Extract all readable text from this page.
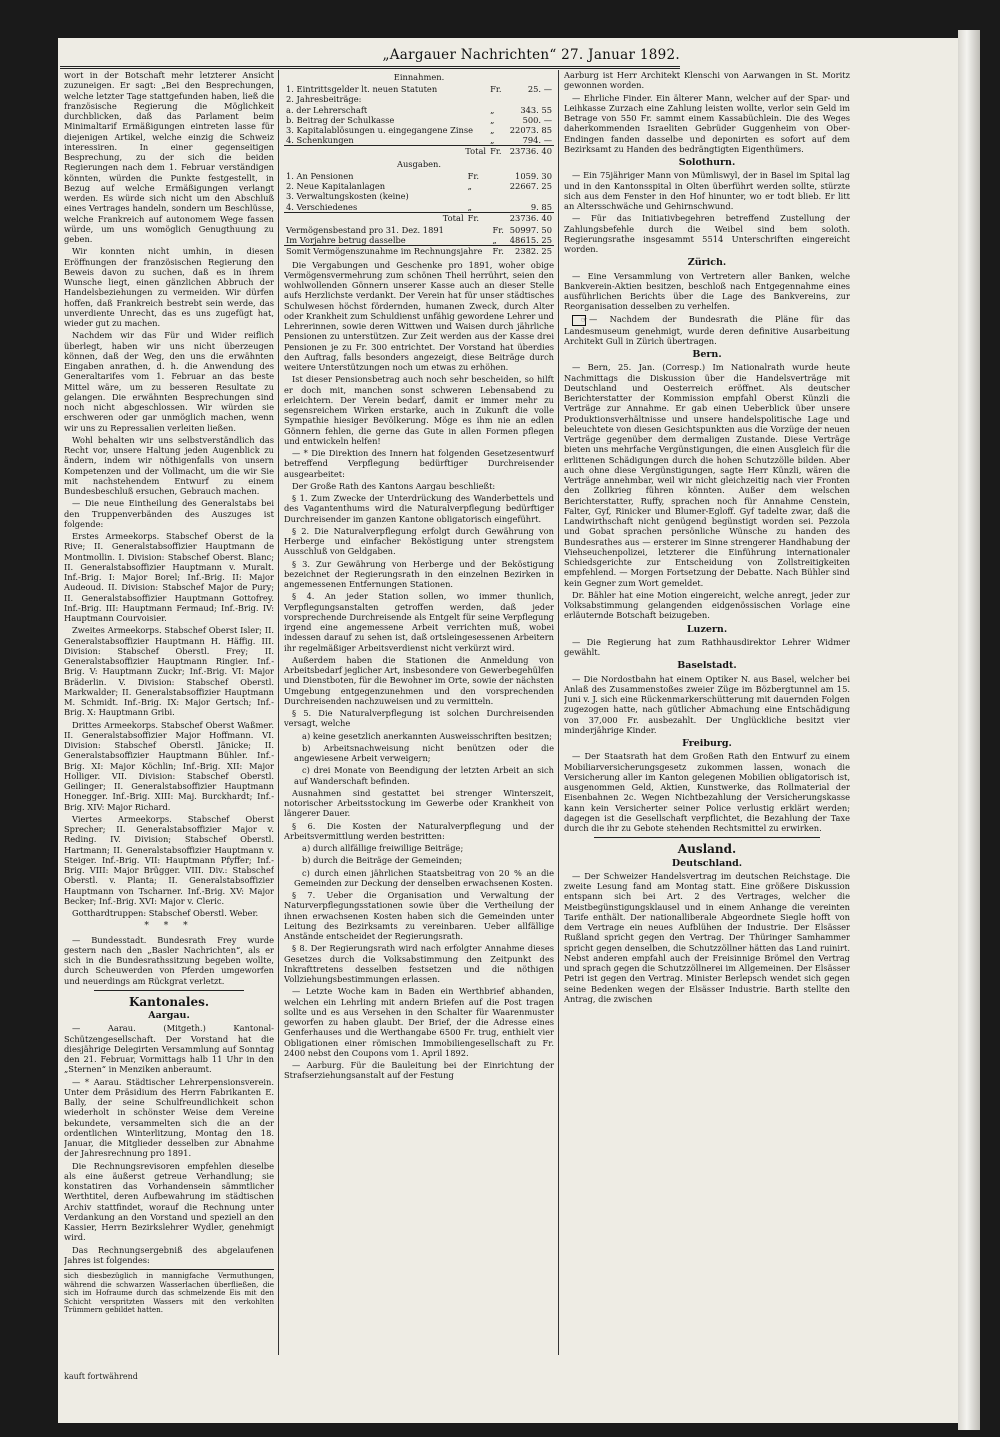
„Aargauer Nachrichten“ 27. Januar 1892.

wort in der Botschaft mehr letzterer Ansicht zuzuneigen. Er sagt: „Bei den Besprechungen, welche letzter Tage stattgefunden haben, ließ die französische Regierung die Möglichkeit durchblicken, daß das Parlament beim Minimaltarif Ermäßigungen eintreten lasse für diejenigen Artikel, welche einzig die Schweiz interessiren. In einer gegenseitigen Besprechung, zu der sich die beiden Regierungen nach dem 1. Februar verständigen könnten, würden die Punkte festgestellt, in Bezug auf welche Ermäßigungen verlangt werden. Es würde sich nicht um den Abschluß eines Vertrages handeln, sondern um Beschlüsse, welche Frankreich auf autonomem Wege fassen würde, um uns womöglich Genugthuung zu geben.

Wir konnten nicht umhin, in diesen Eröffnungen der französischen Regierung den Beweis davon zu suchen, daß es in ihrem Wunsche liegt, einen gänzlichen Abbruch der Handelsbeziehungen zu vermeiden. Wir dürfen hoffen, daß Frankreich bestrebt sein werde, das unverdiente Unrecht, das es uns zugefügt hat, wieder gut zu machen.

Nachdem wir das Für und Wider reiflich überlegt, haben wir uns nicht überzeugen können, daß der Weg, den uns die erwähnten Eingaben anrathen, d. h. die Anwendung des Generaltarifes vom 1. Februar an das beste Mittel wäre, um zu besseren Resultate zu gelangen. Die erwähnten Besprechungen sind noch nicht abgeschlossen. Wir würden sie erschweren oder gar unmöglich machen, wenn wir uns zu Repressalien verleiten ließen.

Wohl behalten wir uns selbstverständlich das Recht vor, unsere Haltung jeden Augenblick zu ändern, indem wir nöthigenfalls von unsern Kompetenzen und der Vollmacht, um die wir Sie mit nachstehendem Entwurf zu einem Bundesbeschluß ersuchen, Gebrauch machen.

— Die neue Eintheilung des Generalstabs bei den Truppenverbänden des Auszuges ist folgende:

Erstes Armeekorps. Stabschef Oberst de la Rive; II. Generalstabsoffizier Hauptmann de Montmollin. I. Division: Stabschef Oberst. Blanc; II. Generalstabsoffizier Hauptmann v. Muralt. Inf.-Brig. I: Major Borel; Inf.-Brig. II: Major Audeoud. II. Division: Stabschef Major de Pury; II. Generalstabsoffizier Hauptmann Gottofrey. Inf.-Brig. III: Hauptmann Fermaud; Inf.-Brig. IV: Hauptmann Courvoisier.

Zweites Armeekorps. Stabschef Oberst Isler; II. Generalstabsoffizier Hauptmann H. Häffig. III. Division: Stabschef Oberstl. Frey; II. Generalstabsoffizier Hauptmann Ringier. Inf.-Brig. V: Hauptmann Zuckr; Inf.-Brig. VI: Major Bräderlin. V. Division: Stabschef Oberstl. Markwalder; II. Generalstabsoffizier Hauptmann M. Schmidt. Inf.-Brig. IX: Major Gertsch; Inf.-Brig. X: Hauptmann Gribi.

Drittes Armeekorps. Stabschef Oberst Waßmer. II. Generalstabsoffizier Major Hoffmann. VI. Division: Stabschef Oberstl. Jänicke; II. Generalstabsoffizier Hauptmann Bühler. Inf.-Brig. XI: Major Köchlin; Inf.-Brig. XII: Major Holliger. VII. Division: Stabschef Oberstl. Geilinger; II. Generalstabsoffizier Hauptmann Honegger. Inf.-Brig. XIII: Maj. Burckhardt; Inf.-Brig. XIV: Major Richard.

Viertes Armeekorps. Stabschef Oberst Sprecher; II. Generalstabsoffizier Major v. Reding. IV. Division; Stabschef Oberstl. Hartmann; II. Generalstabsoffizier Hauptmann v. Steiger. Inf.-Brig. VII: Hauptmann Pfyffer; Inf.-Brig. VIII: Major Brügger. VIII. Div.: Stabschef Oberstl. v. Planta; II. Generalstabsoffizier Hauptmann von Tscharner. Inf.-Brig. XV: Major Becker; Inf.-Brig. XVI: Major v. Cleric.

Gotthardtruppen: Stabschef Oberstl. Weber.

* * *

— Bundesstadt. Bundesrath Frey wurde gestern nach den „Basler Nachrichten“, als er sich in die Bundesrathssitzung begeben wollte, durch Scheuwerden von Pferden umgeworfen und neuerdings am Rückgrat verletzt.

Kantonales.
Aargau.

— Aarau. (Mitgeth.) Kantonal-Schützengesellschaft. Der Vorstand hat die diesjährige Delegirten Versammlung auf Sonntag den 21. Februar, Vormittags halb 11 Uhr in den „Sternen“ in Menziken anberaumt.

— * Aarau. Städtischer Lehrerpensionsverein. Unter dem Präsidium des Herrn Fabrikanten E. Bally, der seine Schulfreundlichkeit schon wiederholt in schönster Weise dem Vereine bekundete, versammelten sich die an der ordentlichen Winterlitzung, Montag den 18. Januar, die Mitglieder desselben zur Abnahme der Jahresrechnung pro 1891.

Die Rechnungsrevisoren empfehlen dieselbe als eine äußerst getreue Verhandlung; sie konstatiren das Vorhandensein sämmtlicher Werthtitel, deren Aufbewahrung im städtischen Archiv stattfindet, worauf die Rechnung unter Verdankung an den Vorstand und speziell an den Kassier, Herrn Bezirkslehrer Wydler, genehmigt wird.

Das Rechnungsergebniß des abgelaufenen Jahres ist folgendes:

sich diesbezüglich in mannigfache Vermuthungen, während die schwarzen Wasserlachen überfließen, die sich im Hofraume durch das schmelzende Eis mit den Schicht verspritzten Wassers mit den verkohlten Trümmern gebildet hatten.
kauft fortwährend
Einnahmen.
1. Eintrittsgelder lt. neuen Statuten	Fr.	25. —
2. Jahresbeiträge:		
a. der Lehrerschaft	„	343. 55
b. Beitrag der Schulkasse	„	500. —
3. Kapitalablösungen u. eingegangene Zinse	„	22073. 85
4. Schenkungen	„	794. —
Total	Fr.	23736. 40
Ausgaben.
1. An Pensionen	Fr.	1059. 30
2. Neue Kapitalanlagen	„	22667. 25
3. Verwaltungskosten (keine)		
4. Verschiedenes	„	9. 85
Total	Fr.	23736. 40
Vermögensbestand pro 31. Dez. 1891	Fr.	50997. 50
Im Vorjahre betrug dasselbe	„	48615. 25
Somit Vermögenszunahme im Rechnungsjahre	Fr.	2382. 25

Die Vergabungen und Geschenke pro 1891, woher obige Vermögensvermehrung zum schönen Theil herrührt, seien den wohlwollenden Gönnern unserer Kasse auch an dieser Stelle aufs Herzlichste verdankt. Der Verein hat für unser städtisches Schulwesen höchst fördernden, humanen Zweck, durch Alter oder Krankheit zum Schuldienst unfähig gewordene Lehrer und Lehrerinnen, sowie deren Wittwen und Waisen durch jährliche Pensionen zu unterstützen. Zur Zeit werden aus der Kasse drei Pensionen je zu Fr. 300 entrichtet. Der Vorstand hat überdies den Auftrag, falls besonders angezeigt, diese Beiträge durch weitere Unterstützungen noch um etwas zu erhöhen.

Ist dieser Pensionsbetrag auch noch sehr bescheiden, so hilft er doch mit, manchen sonst schweren Lebensabend zu erleichtern. Der Verein bedarf, damit er immer mehr zu segensreichem Wirken erstarke, auch in Zukunft die volle Sympathie hiesiger Bevölkerung. Möge es ihm nie an edlen Gönnern fehlen, die gerne das Gute in allen Formen pflegen und entwickeln helfen!

— * Die Direktion des Innern hat folgenden Gesetzesentwurf betreffend Verpflegung bedürftiger Durchreisender ausgearbeitet:

Der Große Rath des Kantons Aargau beschließt:

§ 1. Zum Zwecke der Unterdrückung des Wanderbettels und des Vagantenthums wird die Naturalverpflegung bedürftiger Durchreisender im ganzen Kantone obligatorisch eingeführt.

§ 2. Die Naturalverpflegung erfolgt durch Gewährung von Herberge und einfacher Beköstigung unter strengstem Ausschluß von Geldgaben.

§ 3. Zur Gewährung von Herberge und der Beköstigung bezeichnet der Regierungsrath in den einzelnen Bezirken in angemessenen Entfernungen Stationen.

§ 4. An jeder Station sollen, wo immer thunlich, Verpflegungsanstalten getroffen werden, daß jeder vorsprechende Durchreisende als Entgelt für seine Verpflegung irgend eine angemessene Arbeit verrichten muß, wobei indessen darauf zu sehen ist, daß ortsleingesessenen Arbeitern ihr regelmäßiger Arbeitsverdienst nicht verkürzt wird.

Außerdem haben die Stationen die Anmeldung von Arbeitsbedarf jeglicher Art, insbesondere von Gewerbegehülfen und Dienstboten, für die Bewohner im Orte, sowie der nächsten Umgebung entgegenzunehmen und den vorsprechenden Durchreisenden nachzuweisen und zu vermitteln.

§ 5. Die Naturalverpflegung ist solchen Durchreisenden versagt, welche

a) keine gesetzlich anerkannten Ausweisschriften besitzen;

b) Arbeitsnachweisung nicht benützen oder die angewiesene Arbeit verweigern;

c) drei Monate von Beendigung der letzten Arbeit an sich auf Wanderschaft befinden.

Ausnahmen sind gestattet bei strenger Winterszeit, notorischer Arbeitsstockung im Gewerbe oder Krankheit von längerer Dauer.

§ 6. Die Kosten der Naturalverpflegung und der Arbeitsvermittlung werden bestritten:

a) durch allfällige freiwillige Beiträge;

b) durch die Beiträge der Gemeinden;

c) durch einen jährlichen Staatsbeitrag von 20 % an die Gemeinden zur Deckung der denselben erwachsenen Kosten.

§ 7. Ueber die Organisation und Verwaltung der Naturverpflegungsstationen sowie über die Vertheilung der ihnen erwachsenen Kosten haben sich die Gemeinden unter Leitung des Bezirksamts zu vereinbaren. Ueber allfällige Anstände entscheidet der Regierungsrath.

§ 8. Der Regierungsrath wird nach erfolgter Annahme dieses Gesetzes durch die Volksabstimmung den Zeitpunkt des Inkrafttretens desselben festsetzen und die nöthigen Vollziehungsbestimmungen erlassen.

— Letzte Woche kam in Baden ein Werthbrief abhanden, welchen ein Lehrling mit andern Briefen auf die Post tragen sollte und es aus Versehen in den Schalter für Waarenmuster geworfen zu haben glaubt. Der Brief, der die Adresse eines Genferhauses und die Werthangabe 6500 Fr. trug, enthielt vier Obligationen einer römischen Immobiliengesellschaft zu Fr. 2400 nebst den Coupons vom 1. April 1892.

— Aarburg. Für die Bauleitung bei der Einrichtung der Strafserziehungsanstalt auf der Festung

Aarburg ist Herr Architekt Klenschi von Aarwangen in St. Moritz gewonnen worden.

— Ehrliche Finder. Ein älterer Mann, welcher auf der Spar- und Leihkasse Zurzach eine Zahlung leisten wollte, verlor sein Geld im Betrage von 550 Fr. sammt einem Kassabüchlein. Die des Weges daherkommenden Israeliten Gebrüder Guggenheim von Ober-Endingen fanden dasselbe und deponirten es sofort auf dem Bezirksamt zu Handen des bedrängtigten Eigenthümers.

Solothurn.

— Ein 75jähriger Mann von Mümliswyl, der in Basel im Spital lag und in den Kantonsspital in Olten überführt werden sollte, stürzte sich aus dem Fenster in den Hof hinunter, wo er todt blieb. Er litt an Altersschwäche und Gehirnschwund.

— Für das Initiativbegehren betreffend Zustellung der Zahlungsbefehle durch die Weibel sind bem soloth. Regierungsrathe insgesammt 5514 Unterschriften eingereicht worden.

Zürich.

— Eine Versammlung von Vertretern aller Banken, welche Bankverein-Aktien besitzen, beschloß nach Entgegennahme eines ausführlichen Berichts über die Lage des Bankvereins, zur Reorganisation desselben zu verhelfen.

☞ — Nachdem der Bundesrath die Pläne für das Landesmuseum genehmigt, wurde deren definitive Ausarbeitung Architekt Gull in Zürich übertragen.

Bern.

— Bern, 25. Jan. (Corresp.) Im Nationalrath wurde heute Nachmittags die Diskussion über die Handelsverträge mit Deutschland und Oesterreich eröffnet. Als deutscher Berichterstatter der Kommission empfahl Oberst Künzli die Verträge zur Annahme. Er gab einen Ueberblick über unsere Produktionsverhältnisse und unsere handelspolitische Lage und beleuchtete von diesen Gesichtspunkten aus die Vorzüge der neuen Verträge gegenüber dem dermaligen Zustande. Diese Verträge bieten uns mehrfache Vergünstigungen, die einen Ausgleich für die erlittenen Schädigungen durch die hohen Schutzzölle bilden. Aber auch ohne diese Vergünstigungen, sagte Herr Künzli, wären die Verträge annehmbar, weil wir nicht gleichzeitig nach vier Fronten den Zollkrieg führen könnten. Außer dem welschen Berichterstatter, Ruffy, sprachen noch für Annahme Censtein, Falter, Gyf, Rinicker und Blumer-Egloff. Gyf tadelte zwar, daß die Landwirthschaft nicht genügend begünstigt worden sei. Pezzola und Gobat sprachen persönliche Wünsche zu handen des Bundesrathes aus — ersterer im Sinne strengerer Handhabung der Viehseuchenpolizei, letzterer die Einführung internationaler Schiedsgerichte zur Entscheidung von Zollstreitigkeiten empfehlend. — Morgen Fortsetzung der Debatte. Nach Bühler sind kein Gegner zum Wort gemeldet.

Dr. Bähler hat eine Motion eingereicht, welche anregt, jeder zur Volksabstimmung gelangenden eidgenössischen Vorlage eine erläuternde Botschaft beizugeben.

Luzern.

— Die Regierung hat zum Rathhausdirektor Lehrer Widmer gewählt.

Baselstadt.

— Die Nordostbahn hat einem Optiker N. aus Basel, welcher bei Anlaß des Zusammenstoßes zweier Züge im Bözbergtunnel am 15. Juni v. J. sich eine Rückenmarkerschütterung mit dauernden Folgen zugezogen hatte, nach gütlicher Abmachung eine Entschädigung von 37,000 Fr. ausbezahlt. Der Unglückliche besitzt vier minderjährige Kinder.

Freiburg.

— Der Staatsrath hat dem Großen Rath den Entwurf zu einem Mobiliarversicherungsgesetz zukommen lassen, wonach die Versicherung aller im Kanton gelegenen Mobilien obligatorisch ist, ausgenommen Geld, Aktien, Kunstwerke, das Rollmaterial der Eisenbahnen 2c. Wegen Nichtbezahlung der Versicherungskasse kann kein Versicherter seiner Police verlustig erklärt werden; dagegen ist die Gesellschaft verpflichtet, die Bezahlung der Taxe durch die ihr zu Gebote stehenden Rechtsmittel zu erwirken.

Ausland.
Deutschland.

— Der Schweizer Handelsvertrag im deutschen Reichstage. Die zweite Lesung fand am Montag statt. Eine größere Diskussion entspann sich bei Art. 2 des Vertrages, welcher die Meistbegünstigungsklausel und in einem Anhange die vereinten Tarife enthält. Der nationalliberale Abgeordnete Siegle hofft von dem Vertrage ein neues Aufblühen der Industrie. Der Elsässer Rußland spricht gegen den Vertrag. Der Thüringer Samhammer spricht gegen denselben, die Schutzzöllner hätten das Land ruinirt. Nebst anderen empfahl auch der Freisinnige Brömel den Vertrag und sprach gegen die Schutzzöllnerei im Allgemeinen. Der Elsässer Petri ist gegen den Vertrag. Minister Berlepsch wendet sich gegen seine Bedenken wegen der Elsässer Industrie. Barth stellte den Antrag, die zwischen
